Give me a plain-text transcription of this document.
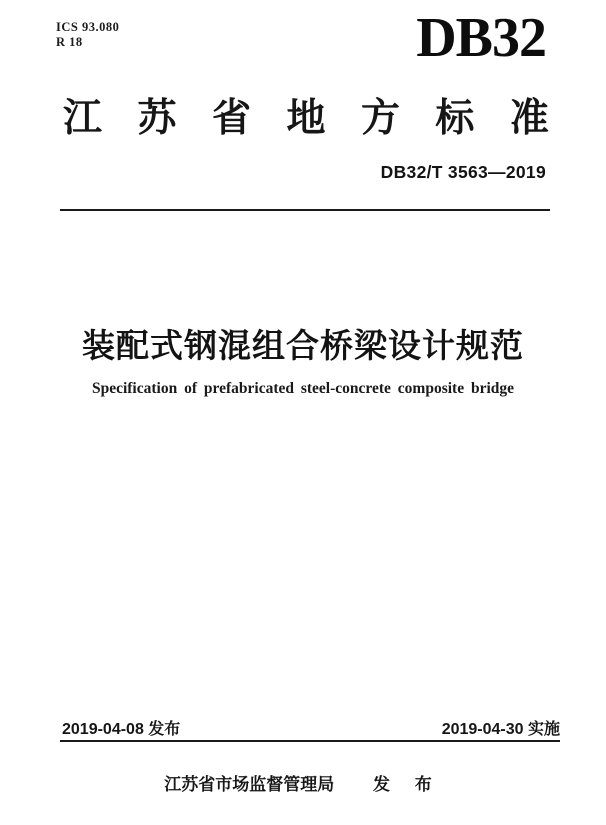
ICS 93.080
R 18	DB32
江 苏 省 地 方 标 准
DB32/T 3563—2019
装配式钢混组合桥梁设计规范
Specification of prefabricated steel-concrete composite bridge
2019-04-08 发布	2019-04-30 实施
江苏省市场监督管理局 发 布
